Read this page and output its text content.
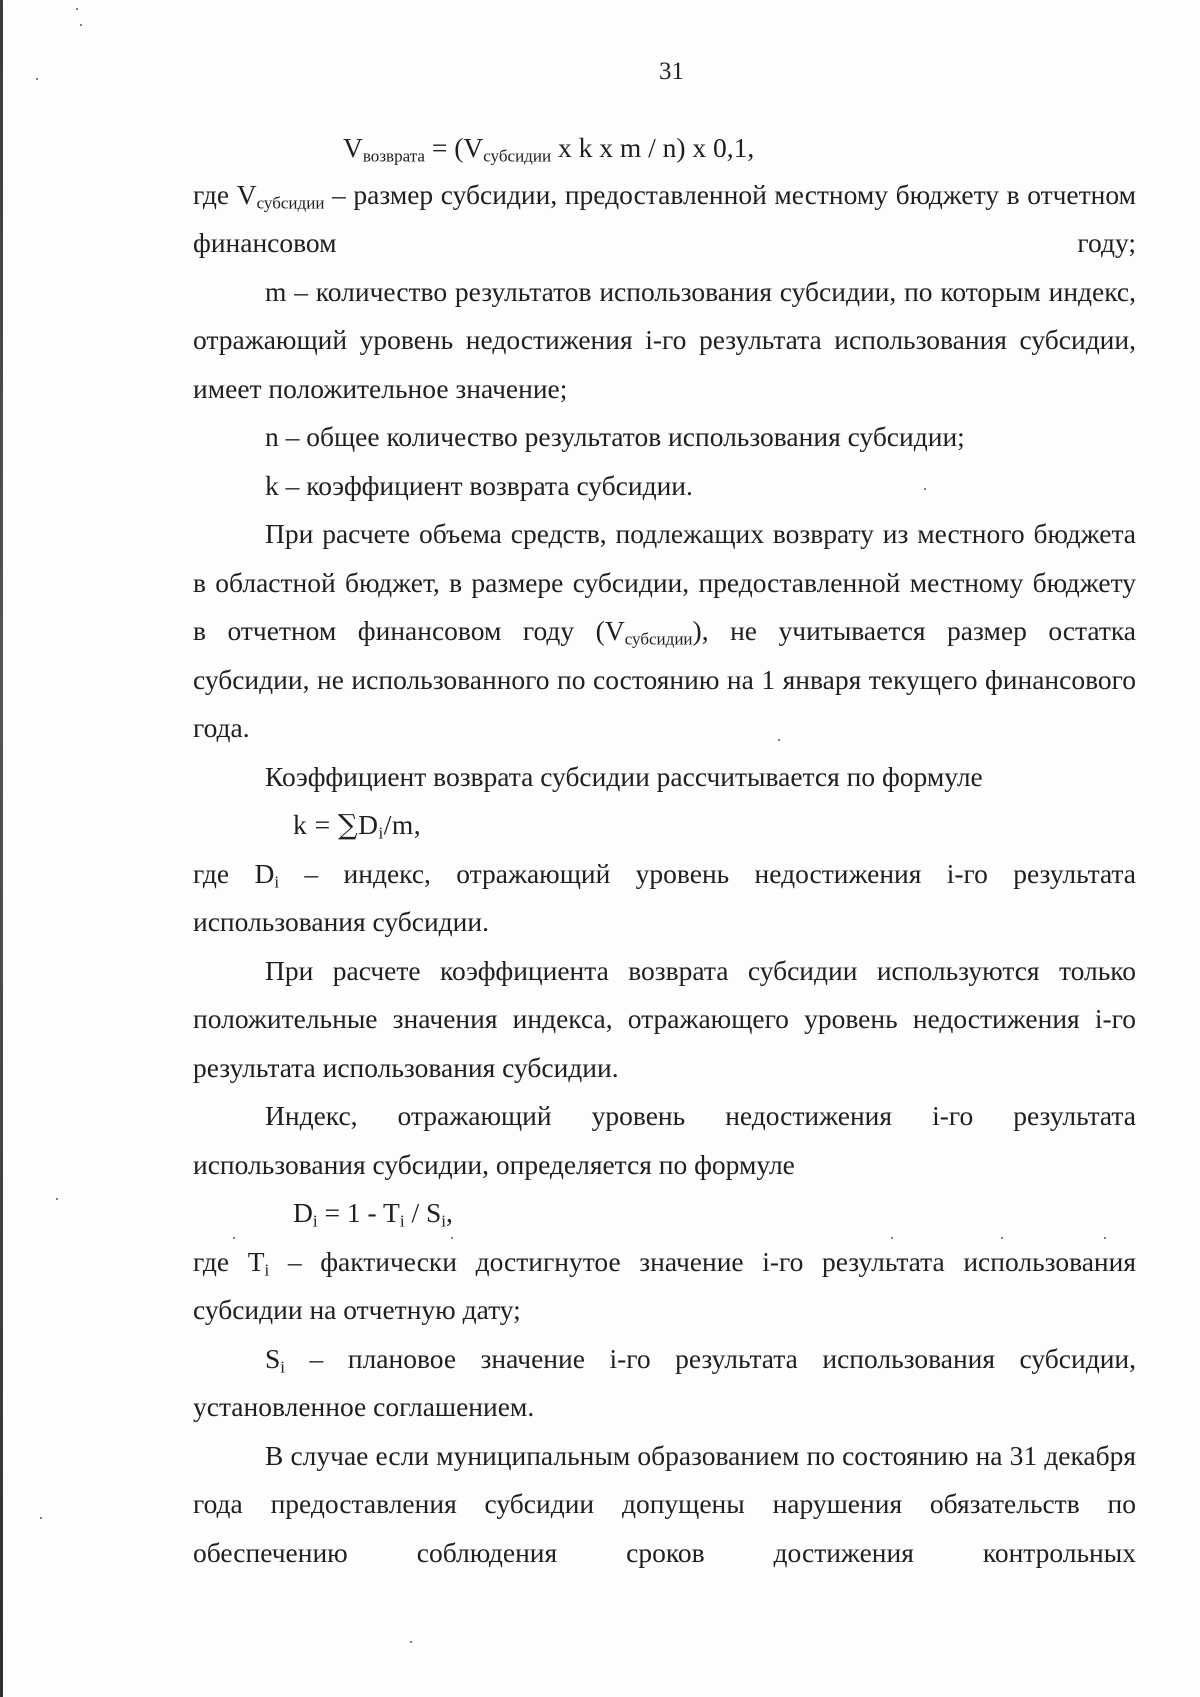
31

$V_{возврата} = (V_{субсидии}$ x k x m / n) x 0,1,

где $V_{субсидии}$ – размер субсидии, предоставленной местному бюджету в отчетном финансовом году;

m – количество результатов использования субсидии, по которым индекс, отражающий уровень недостижения i-го результата использования субсидии, имеет положительное значение;

n – общее количество результатов использования субсидии;

k – коэффициент возврата субсидии.

При расчете объема средств, подлежащих возврату из местного бюджета в областной бюджет, в размере субсидии, предоставленной местному бюджету в отчетном финансовом году $(V_{субсидии})$, не учитывается размер остатка субсидии, не использованного по состоянию на 1 января текущего финансового года.

Коэффициент возврата субсидии рассчитывается по формуле

$k = \sum D_i/m$,

где $D_i$ – индекс, отражающий уровень недостижения i-го результата использования субсидии.

При расчете коэффициента возврата субсидии используются только положительные значения индекса, отражающего уровень недостижения i-го результата использования субсидии.

Индекс, отражающий уровень недостижения i-го результата использования субсидии, определяется по формуле

$D_i = 1 - T_i / S_i$,

где $T_i$ – фактически достигнутое значение i-го результата использования субсидии на отчетную дату;

$S_i$ – плановое значение i-го результата использования субсидии, установленное соглашением.

В случае если муниципальным образованием по состоянию на 31 декабря года предоставления субсидии допущены нарушения обязательств по обеспечению соблюдения сроков достижения контрольных
